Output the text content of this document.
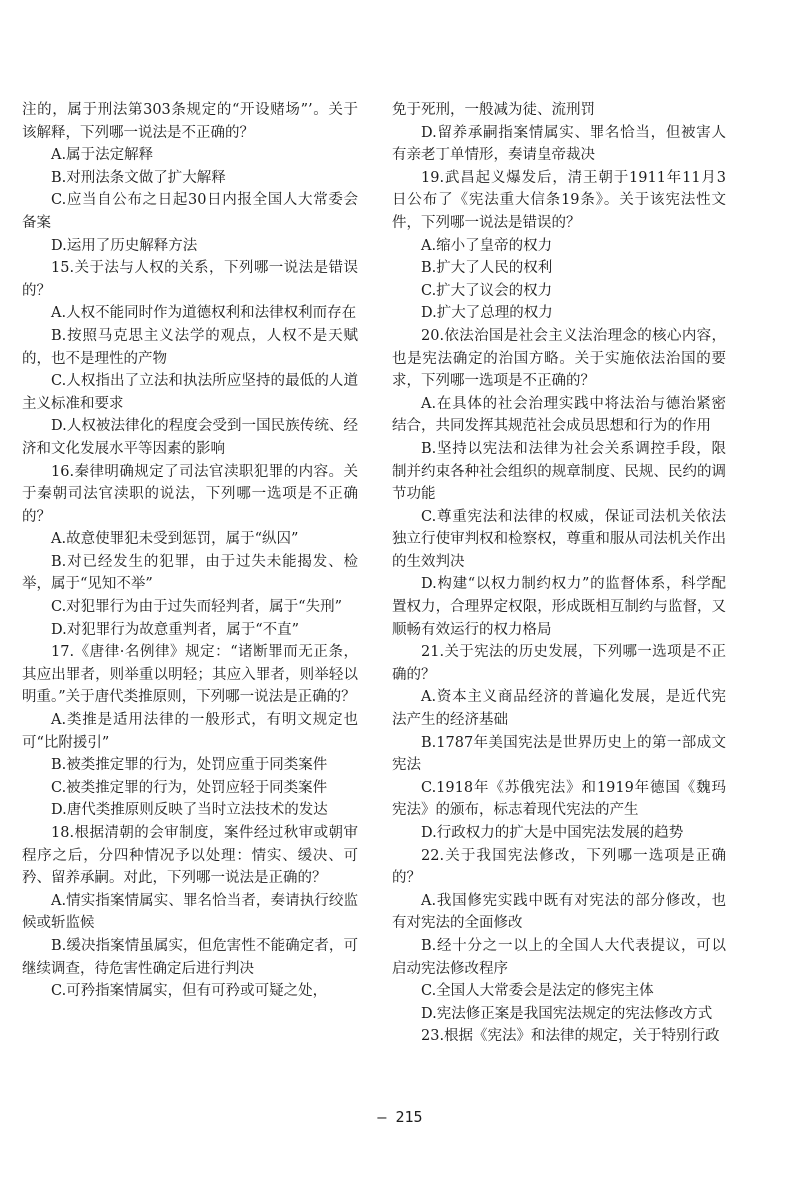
注的，属于刑法第303条规定的“开设赌场”’。关于该解释，下列哪一说法是不正确的？

A.属于法定解释

B.对刑法条文做了扩大解释

C.应当自公布之日起30日内报全国人大常委会备案

D.运用了历史解释方法

15.关于法与人权的关系，下列哪一说法是错误的？

A.人权不能同时作为道德权利和法律权利而存在

B.按照马克思主义法学的观点，人权不是天赋的，也不是理性的产物

C.人权指出了立法和执法所应坚持的最低的人道主义标准和要求

D.人权被法律化的程度会受到一国民族传统、经济和文化发展水平等因素的影响

16.秦律明确规定了司法官渎职犯罪的内容。关于秦朝司法官渎职的说法，下列哪一选项是不正确的？

A.故意使罪犯未受到惩罚，属于“纵囚”

B.对已经发生的犯罪，由于过失未能揭发、检举，属于“见知不举”

C.对犯罪行为由于过失而轻判者，属于“失刑”

D.对犯罪行为故意重判者，属于“不直”

17.《唐律·名例律》规定：“诸断罪而无正条，其应出罪者，则举重以明轻；其应入罪者，则举轻以明重。”关于唐代类推原则，下列哪一说法是正确的？

A.类推是适用法律的一般形式，有明文规定也可“比附援引”

B.被类推定罪的行为，处罚应重于同类案件

C.被类推定罪的行为，处罚应轻于同类案件

D.唐代类推原则反映了当时立法技术的发达

18.根据清朝的会审制度，案件经过秋审或朝审程序之后，分四种情况予以处理：情实、缓决、可矜、留养承嗣。对此，下列哪一说法是正确的？

A.情实指案情属实、罪名恰当者，奏请执行绞监候或斩监候

B.缓决指案情虽属实，但危害性不能确定者，可继续调查，待危害性确定后进行判决

C.可矜指案情属实，但有可矜或可疑之处，

免于死刑，一般减为徒、流刑罚

D.留养承嗣指案情属实、罪名恰当，但被害人有亲老丁单情形，奏请皇帝裁决

19.武昌起义爆发后，清王朝于1911年11月3日公布了《宪法重大信条19条》。关于该宪法性文件，下列哪一说法是错误的？

A.缩小了皇帝的权力

B.扩大了人民的权利

C.扩大了议会的权力

D.扩大了总理的权力

20.依法治国是社会主义法治理念的核心内容，也是宪法确定的治国方略。关于实施依法治国的要求，下列哪一选项是不正确的？

A.在具体的社会治理实践中将法治与德治紧密结合，共同发挥其规范社会成员思想和行为的作用

B.坚持以宪法和法律为社会关系调控手段，限制并约束各种社会组织的规章制度、民规、民约的调节功能

C.尊重宪法和法律的权威，保证司法机关依法独立行使审判权和检察权，尊重和服从司法机关作出的生效判决

D.构建“以权力制约权力”的监督体系，科学配置权力，合理界定权限，形成既相互制约与监督，又顺畅有效运行的权力格局

21.关于宪法的历史发展，下列哪一选项是不正确的？

A.资本主义商品经济的普遍化发展，是近代宪法产生的经济基础

B.1787年美国宪法是世界历史上的第一部成文宪法

C.1918年《苏俄宪法》和1919年德国《魏玛宪法》的颁布，标志着现代宪法的产生

D.行政权力的扩大是中国宪法发展的趋势

22.关于我国宪法修改，下列哪一选项是正确的？

A.我国修宪实践中既有对宪法的部分修改，也有对宪法的全面修改

B.经十分之一以上的全国人大代表提议，可以启动宪法修改程序

C.全国人大常委会是法定的修宪主体

D.宪法修正案是我国宪法规定的宪法修改方式

23.根据《宪法》和法律的规定，关于特别行政

— 215
